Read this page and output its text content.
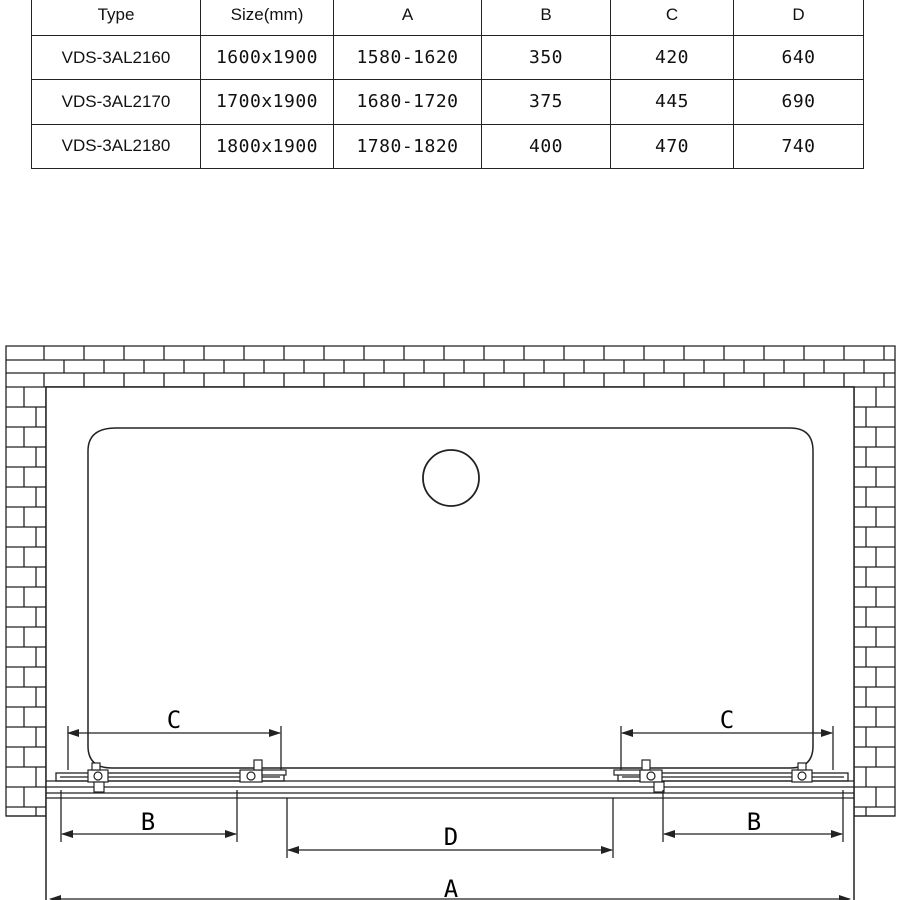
Type	Size(mm)	A	B	C	D
VDS-3AL2160	1600x1900	1580-1620	350	420	640
VDS-3AL2170	1700x1900	1680-1720	375	445	690
VDS-3AL2180	1800x1900	1780-1820	400	470	740
C	C
B	B
D
A
